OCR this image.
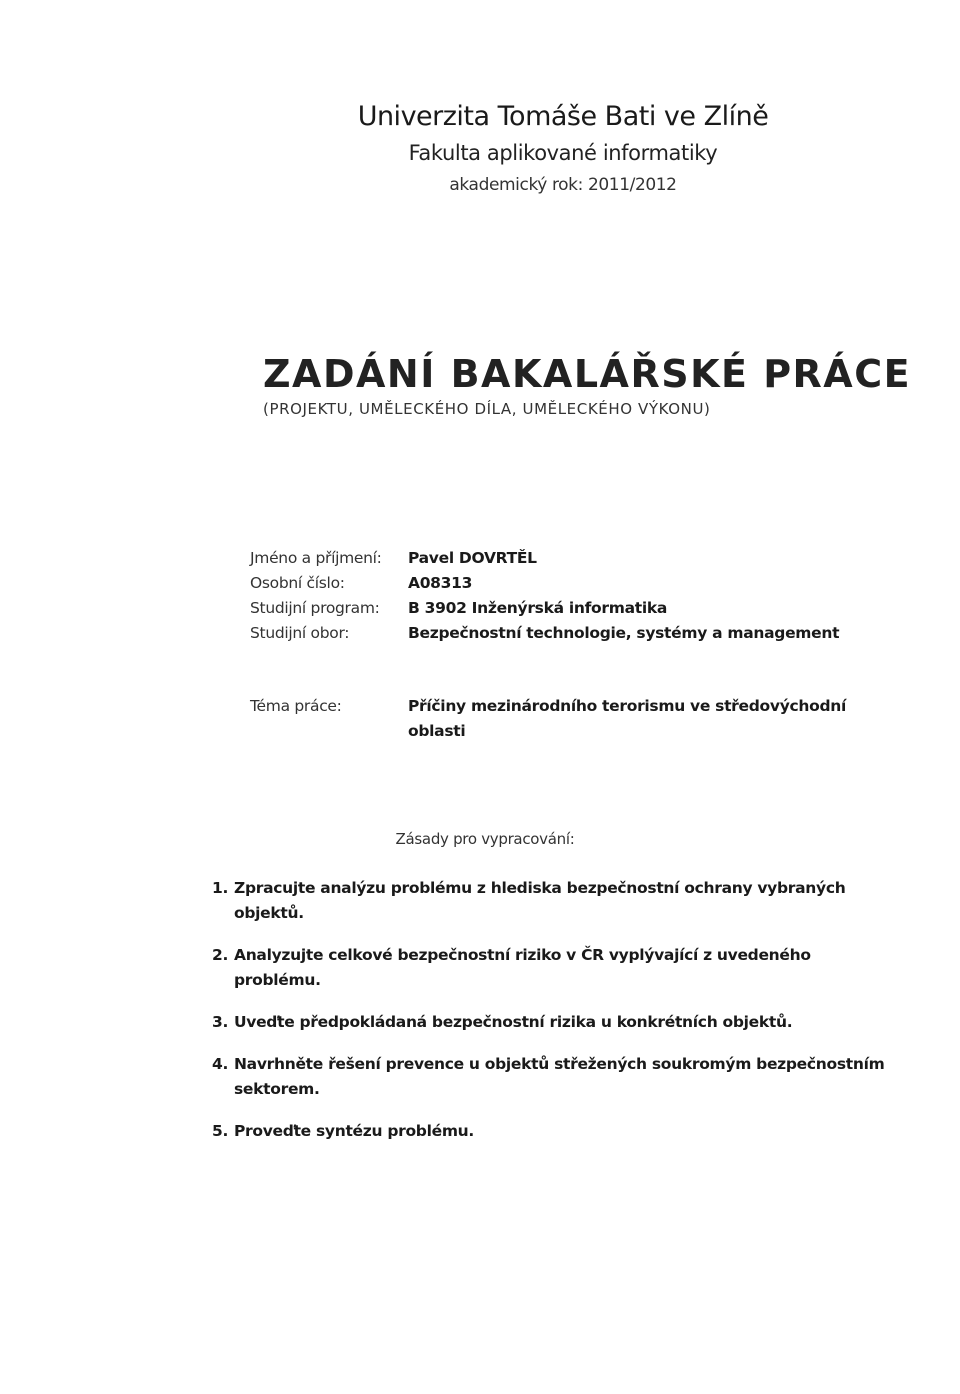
Univerzita Tomáše Bati ve Zlíně
Fakulta aplikované informatiky
akademický rok: 2011/2012
ZADÁNÍ BAKALÁŘSKÉ PRÁCE
(PROJEKTU, UMĚLECKÉHO DÍLA, UMĚLECKÉHO VÝKONU)
Jméno a příjmení:	Pavel DOVRTĚL
Osobní číslo:	A08313
Studijní program:	B 3902 Inženýrská informatika
Studijní obor:	Bezpečnostní technologie, systémy a management
Téma práce:	Příčiny mezinárodního terorismu ve středovýchodní oblasti
Zásady pro vypracování:
1. Zpracujte analýzu problému z hlediska bezpečnostní ochrany vybraných objektů.
2. Analyzujte celkové bezpečnostní riziko v ČR vyplývající z uvedeného problému.
3. Uveďte předpokládaná bezpečnostní rizika u konkrétních objektů.
4. Navrhněte řešení prevence u objektů střežených soukromým bezpečnostním sektorem.
5. Proveďte syntézu problému.
